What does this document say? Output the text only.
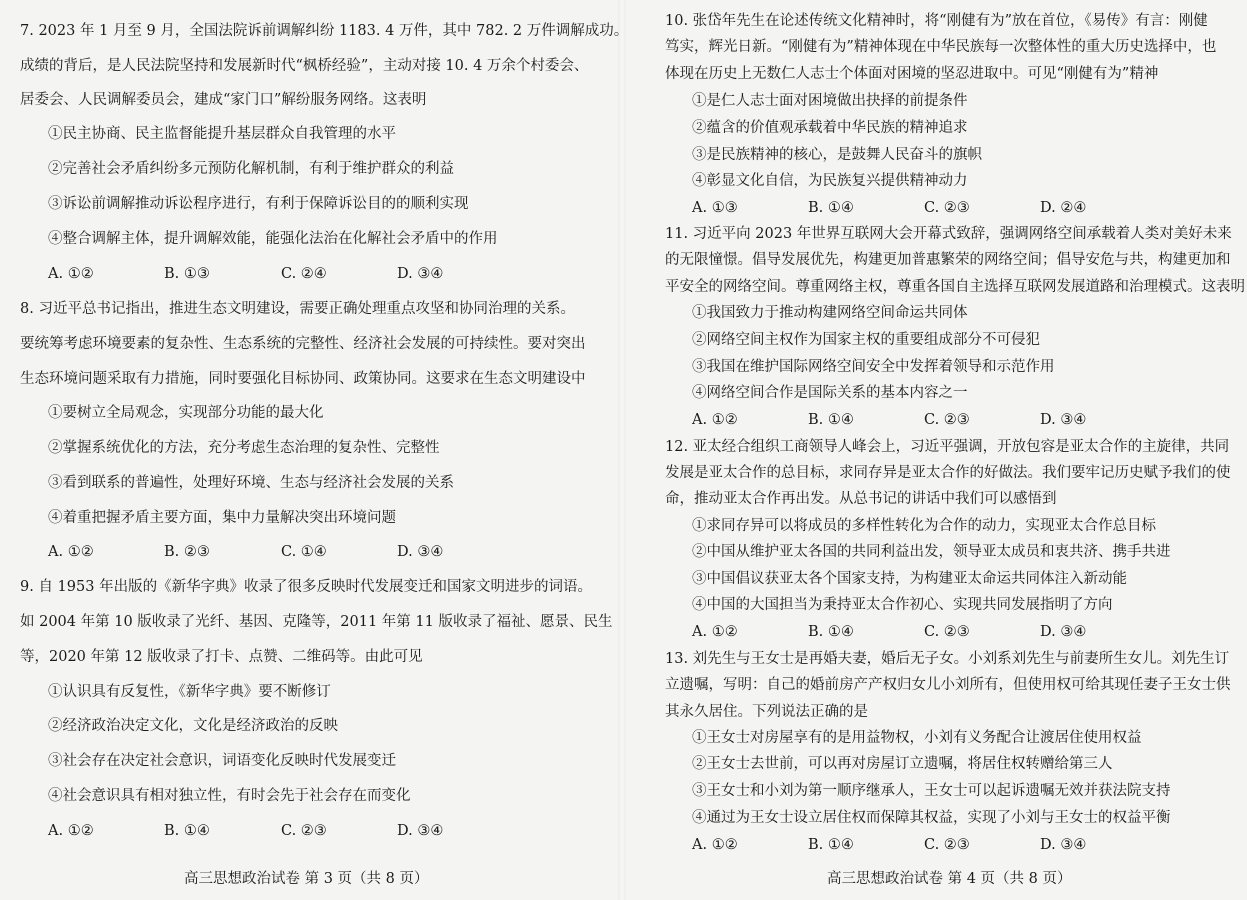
高三思想政治试卷 第 3 页（共 8 页）
7. 2023 年 1 月至 9 月，全国法院诉前调解纠纷 1183. 4 万件，其中 782. 2 万件调解成功。
成绩的背后，是人民法院坚持和发展新时代“枫桥经验”，主动对接 10. 4 万余个村委会、
居委会、人民调解委员会，建成“家门口”解纷服务网络。这表明
①民主协商、民主监督能提升基层群众自我管理的水平
②完善社会矛盾纠纷多元预防化解机制，有利于维护群众的利益
③诉讼前调解推动诉讼程序进行，有利于保障诉讼目的的顺利实现
④整合调解主体，提升调解效能，能强化法治在化解社会矛盾中的作用
8. 习近平总书记指出，推进生态文明建设，需要正确处理重点攻坚和协同治理的关系。
要统筹考虑环境要素的复杂性、生态系统的完整性、经济社会发展的可持续性。要对突出
生态环境问题采取有力措施，同时要强化目标协同、政策协同。这要求在生态文明建设中
①要树立全局观念，实现部分功能的最大化
②掌握系统优化的方法，充分考虑生态治理的复杂性、完整性
③看到联系的普遍性，处理好环境、生态与经济社会发展的关系
④着重把握矛盾主要方面，集中力量解决突出环境问题
9. 自 1953 年出版的《新华字典》收录了很多反映时代发展变迁和国家文明进步的词语。
如 2004 年第 10 版收录了光纤、基因、克隆等，2011 年第 11 版收录了福祉、愿景、民生
等，2020 年第 12 版收录了打卡、点赞、二维码等。由此可见
①认识具有反复性，《新华字典》要不断修订
②经济政治决定文化，文化是经济政治的反映
③社会存在决定社会意识，词语变化反映时代发展变迁
④社会意识具有相对独立性，有时会先于社会存在而变化
A. ①②	B. ①③	C. ②④	D. ③④
A. ①②	B. ②③	C. ①④	D. ③④
A. ①②	B. ①④	C. ②③	D. ③④
高三思想政治试卷 第 4 页（共 8 页）
10. 张岱年先生在论述传统文化精神时，将“刚健有为”放在首位，《易传》有言：刚健
笃实，辉光日新。“刚健有为”精神体现在中华民族每一次整体性的重大历史选择中，也
体现在历史上无数仁人志士个体面对困境的坚忍进取中。可见“刚健有为”精神
①是仁人志士面对困境做出抉择的前提条件
②蕴含的价值观承载着中华民族的精神追求
③是民族精神的核心，是鼓舞人民奋斗的旗帜
④彰显文化自信，为民族复兴提供精神动力
11. 习近平向 2023 年世界互联网大会开幕式致辞，强调网络空间承载着人类对美好未来
的无限憧憬。倡导发展优先，构建更加普惠繁荣的网络空间；倡导安危与共，构建更加和
平安全的网络空间。尊重网络主权，尊重各国自主选择互联网发展道路和治理模式。这表明
①我国致力于推动构建网络空间命运共同体
②网络空间主权作为国家主权的重要组成部分不可侵犯
③我国在维护国际网络空间安全中发挥着领导和示范作用
④网络空间合作是国际关系的基本内容之一
12. 亚太经合组织工商领导人峰会上，习近平强调，开放包容是亚太合作的主旋律，共同
发展是亚太合作的总目标，求同存异是亚太合作的好做法。我们要牢记历史赋予我们的使
命，推动亚太合作再出发。从总书记的讲话中我们可以感悟到
①求同存异可以将成员的多样性转化为合作的动力，实现亚太合作总目标
②中国从维护亚太各国的共同利益出发，领导亚太成员和衷共济、携手共进
③中国倡议获亚太各个国家支持，为构建亚太命运共同体注入新动能
④中国的大国担当为秉持亚太合作初心、实现共同发展指明了方向
13. 刘先生与王女士是再婚夫妻，婚后无子女。小刘系刘先生与前妻所生女儿。刘先生订
立遗嘱，写明：自己的婚前房产产权归女儿小刘所有，但使用权可给其现任妻子王女士供
其永久居住。下列说法正确的是
①王女士对房屋享有的是用益物权，小刘有义务配合让渡居住使用权益
②王女士去世前，可以再对房屋订立遗嘱，将居住权转赠给第三人
③王女士和小刘为第一顺序继承人，王女士可以起诉遗嘱无效并获法院支持
④通过为王女士设立居住权而保障其权益，实现了小刘与王女士的权益平衡
A. ①③	B. ①④	C. ②③	D. ②④
A. ①②	B. ①④	C. ②③	D. ③④
A. ①②	B. ①④	C. ②③	D. ③④
A. ①②	B. ①④	C. ②③	D. ③④
